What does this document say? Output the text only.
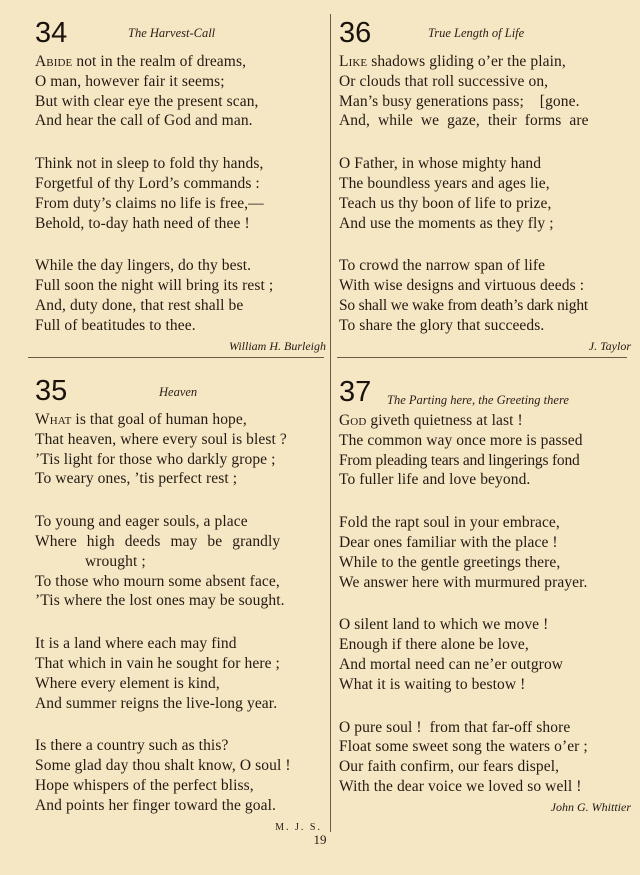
34	The Harvest-Call
Abide not in the realm of dreams,
O man, however fair it seems;
But with clear eye the present scan,
And hear the call of God and man.
Think not in sleep to fold thy hands,
Forgetful of thy Lord’s commands :
From duty’s claims no life is free,—
Behold, to-day hath need of thee !
While the day lingers, do thy best.
Full soon the night will bring its rest ;
And, duty done, that rest shall be
Full of beatitudes to thee.
William H. Burleigh
36	True Length of Life
Like shadows gliding o’er the plain,
Or clouds that roll successive on,
Man’s busy generations pass;    [gone.
And, while we gaze, their forms are
O Father, in whose mighty hand
The boundless years and ages lie,
Teach us thy boon of life to prize,
And use the moments as they fly ;
To crowd the narrow span of life
With wise designs and virtuous deeds :
So shall we wake from death’s dark night
To share the glory that succeeds.
J. Taylor
35	Heaven
What is that goal of human hope,
That heaven, where every soul is blest ?
’Tis light for those who darkly grope ;
To weary ones, ’tis perfect rest ;
To young and eager souls, a place
Where high deeds may be grandly
wrought ;
To those who mourn some absent face,
’Tis where the lost ones may be sought.
It is a land where each may find
That which in vain he sought for here ;
Where every element is kind,
And summer reigns the live-long year.
Is there a country such as this?
Some glad day thou shalt know, O soul !
Hope whispers of the perfect bliss,
And points her finger toward the goal.
M. J. S.
37 The Parting here, the Greeting there
God giveth quietness at last !
The common way once more is passed
From pleading tears and lingerings fond
To fuller life and love beyond.
Fold the rapt soul in your embrace,
Dear ones familiar with the place !
While to the gentle greetings there,
We answer here with murmured prayer.
O silent land to which we move !
Enough if there alone be love,
And mortal need can ne’er outgrow
What it is waiting to bestow !
O pure soul !  from that far-off shore
Float some sweet song the waters o’er ;
Our faith confirm, our fears dispel,
With the dear voice we loved so well !
John G. Whittier
19
